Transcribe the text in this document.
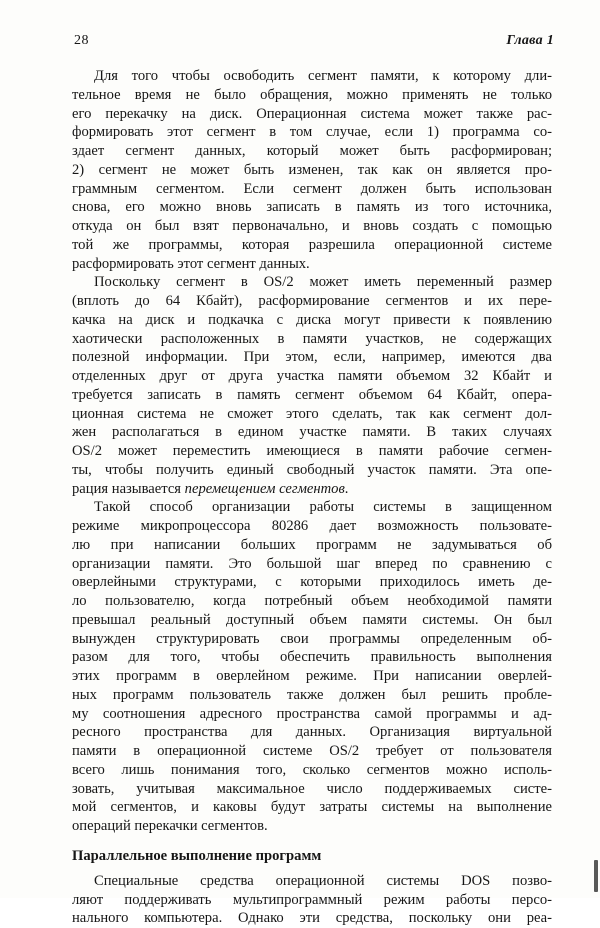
28	Глава 1
Для того чтобы освободить сегмент памяти, к которому дли-
тельное время не было обращения, можно применять не только
его перекачку на диск. Операционная система может также рас-
формировать этот сегмент в том случае, если 1) программа со-
здает сегмент данных, который может быть расформирован;
2) сегмент не может быть изменен, так как он является про-
граммным сегментом. Если сегмент должен быть использован
снова, его можно вновь записать в память из того источника,
откуда он был взят первоначально, и вновь создать с помощью
той же программы, которая разрешила операционной системе
расформировать этот сегмент данных.
Поскольку сегмент в OS/2 может иметь переменный размер
(вплоть до 64 Кбайт), расформирование сегментов и их пере-
качка на диск и подкачка с диска могут привести к появлению
хаотически расположенных в памяти участков, не содержащих
полезной информации. При этом, если, например, имеются два
отделенных друг от друга участка памяти объемом 32 Кбайт и
требуется записать в память сегмент объемом 64 Кбайт, опера-
ционная система не сможет этого сделать, так как сегмент дол-
жен располагаться в едином участке памяти. В таких случаях
OS/2 может переместить имеющиеся в памяти рабочие сегмен-
ты, чтобы получить единый свободный участок памяти. Эта опе-
рация называется перемещением сегментов.
Такой способ организации работы системы в защищенном
режиме микропроцессора 80286 дает возможность пользовате-
лю при написании больших программ не задумываться об
организации памяти. Это большой шаг вперед по сравнению с
оверлейными структурами, с которыми приходилось иметь де-
ло пользователю, когда потребный объем необходимой памяти
превышал реальный доступный объем памяти системы. Он был
вынужден структурировать свои программы определенным об-
разом для того, чтобы обеспечить правильность выполнения
этих программ в оверлейном режиме. При написании оверлей-
ных программ пользователь также должен был решить пробле-
му соотношения адресного пространства самой программы и ад-
ресного пространства для данных. Организация виртуальной
памяти в операционной системе OS/2 требует от пользователя
всего лишь понимания того, сколько сегментов можно исполь-
зовать, учитывая максимальное число поддерживаемых систе-
мой сегментов, и каковы будут затраты системы на выполнение
операций перекачки сегментов.
Параллельное выполнение программ
Специальные средства операционной системы DOS позво-
ляют поддерживать мультипрограммный режим работы персо-
нального компьютера. Однако эти средства, поскольку они реа-
